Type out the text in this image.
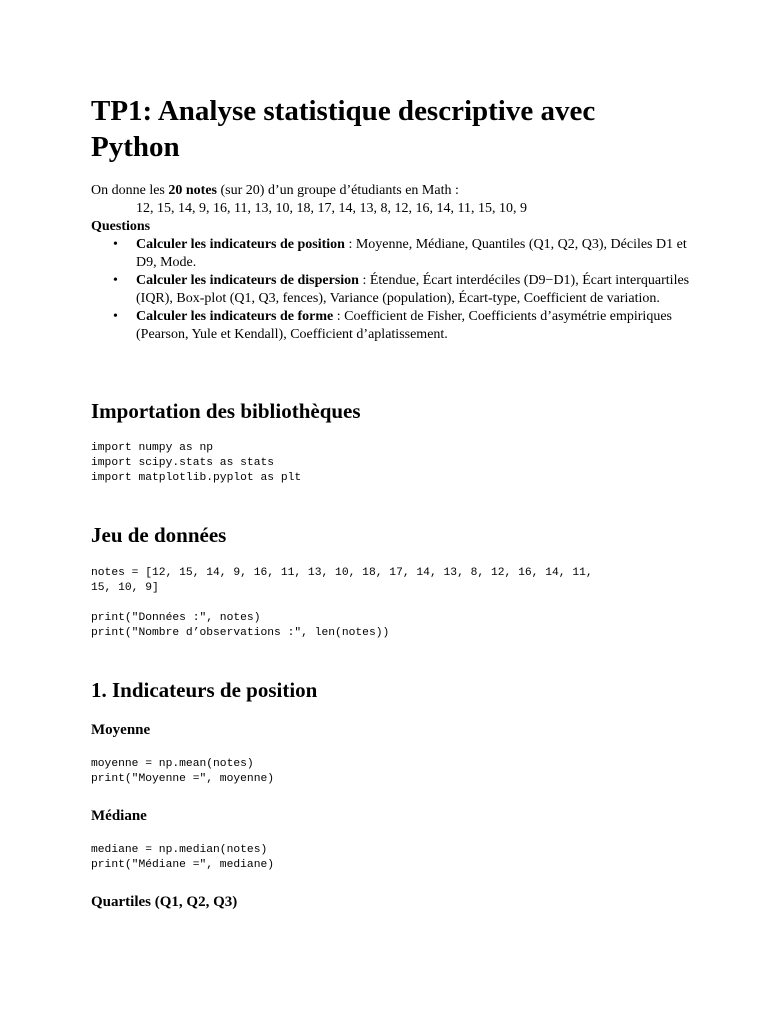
TP1: Analyse statistique descriptive avec Python

On donne les 20 notes (sur 20) d’un groupe d’étudiants en Math :

12, 15, 14, 9, 16, 11, 13, 10, 18, 17, 14, 13, 8, 12, 16, 14, 11, 15, 10, 9

Questions

• Calculer les indicateurs de position : Moyenne, Médiane, Quantiles (Q1, Q2, Q3), Déciles D1 et D9, Mode.
• Calculer les indicateurs de dispersion : Étendue, Écart interdéciles (D9−D1), Écart interquartiles (IQR), Box-plot (Q1, Q3, fences), Variance (population), Écart-type, Coefficient de variation.
• Calculer les indicateurs de forme : Coefficient de Fisher, Coefficients d’asymétrie empiriques (Pearson, Yule et Kendall), Coefficient d’aplatissement.
Importation des bibliothèques
import numpy as np
import scipy.stats as stats
import matplotlib.pyplot as plt
Jeu de données
notes = [12, 15, 14, 9, 16, 11, 13, 10, 18, 17, 14, 13, 8, 12, 16, 14, 11,
15, 10, 9]

print("Données :", notes)
print("Nombre d’observations :", len(notes))
1. Indicateurs de position
Moyenne
moyenne = np.mean(notes)
print("Moyenne =", moyenne)
Médiane
mediane = np.median(notes)
print("Médiane =", mediane)
Quartiles (Q1, Q2, Q3)
